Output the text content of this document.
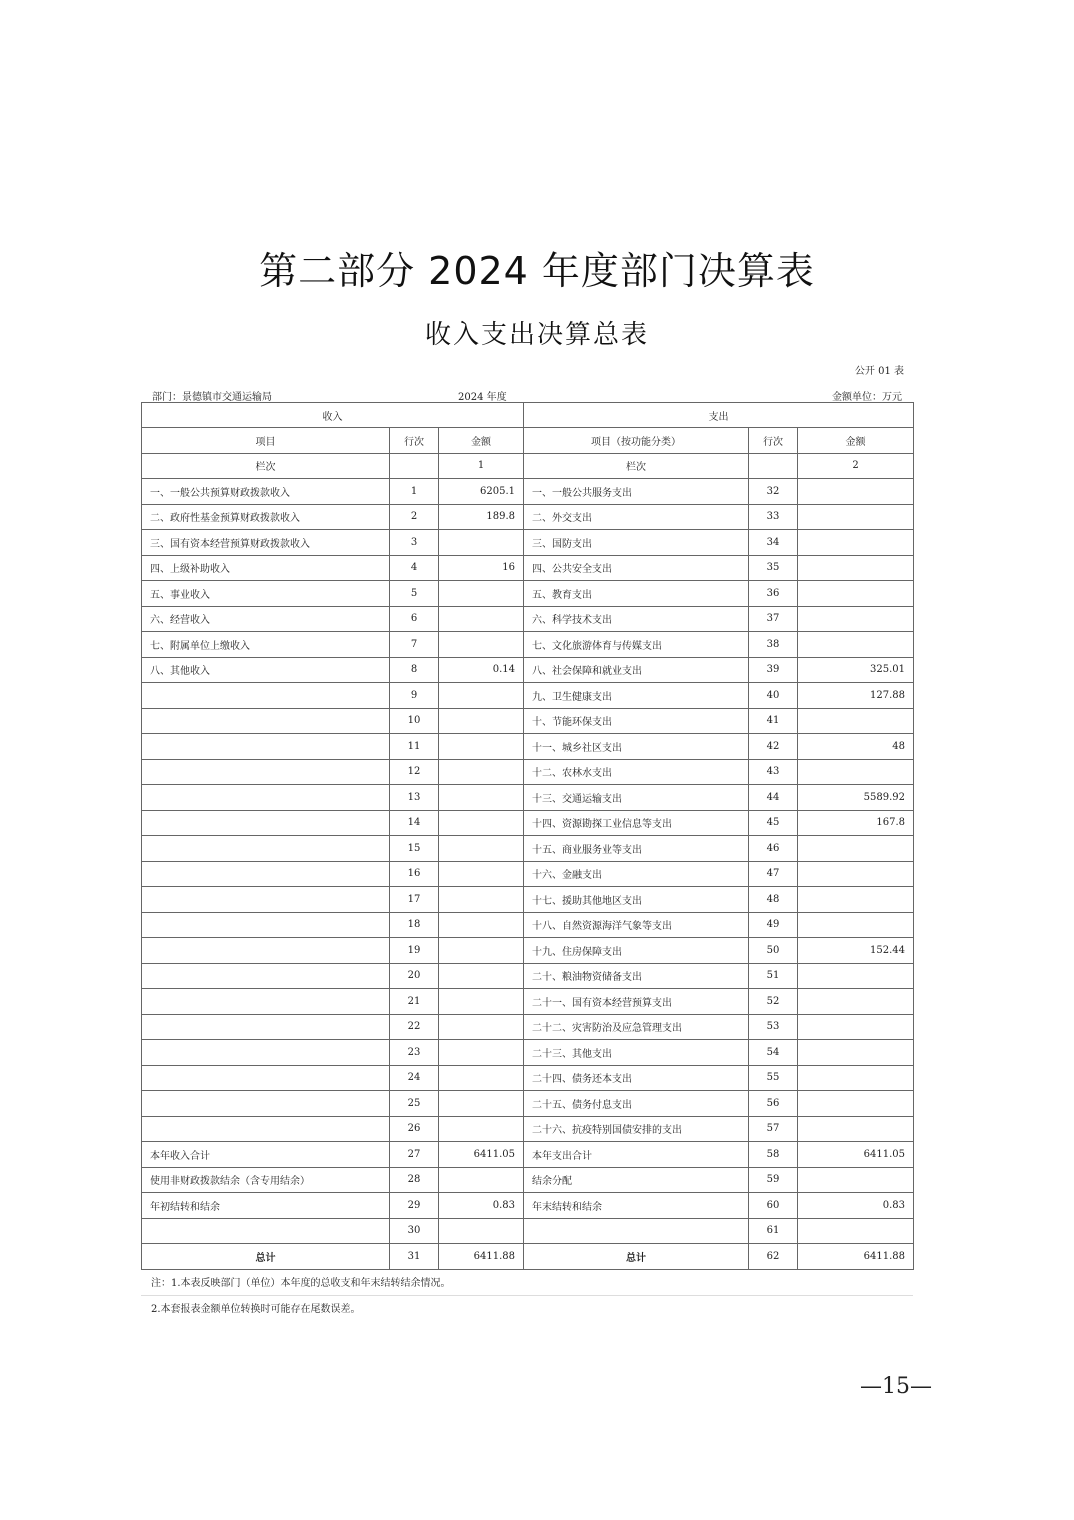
第二部分 2024 年度部门决算表
收入支出决算总表
公开 01 表
部门：景德镇市交通运输局	2024 年度	金额单位：万元
收入			支出		
项目	行次	金额	项目（按功能分类）	行次	金额
栏次		1	栏次		2
一、一般公共预算财政拨款收入	1	6205.1	一、一般公共服务支出	32	
二、政府性基金预算财政拨款收入	2	189.8	二、外交支出	33	
三、国有资本经营预算财政拨款收入	3		三、国防支出	34	
四、上级补助收入	4	16	四、公共安全支出	35	
五、事业收入	5		五、教育支出	36	
六、经营收入	6		六、科学技术支出	37	
七、附属单位上缴收入	7		七、文化旅游体育与传媒支出	38	
八、其他收入	8	0.14	八、社会保障和就业支出	39	325.01
	9		九、卫生健康支出	40	127.88
	10		十、节能环保支出	41	
	11		十一、城乡社区支出	42	48
	12		十二、农林水支出	43	
	13		十三、交通运输支出	44	5589.92
	14		十四、资源勘探工业信息等支出	45	167.8
	15		十五、商业服务业等支出	46	
	16		十六、金融支出	47	
	17		十七、援助其他地区支出	48	
	18		十八、自然资源海洋气象等支出	49	
	19		十九、住房保障支出	50	152.44
	20		二十、粮油物资储备支出	51	
	21		二十一、国有资本经营预算支出	52	
	22		二十二、灾害防治及应急管理支出	53	
	23		二十三、其他支出	54	
	24		二十四、债务还本支出	55	
	25		二十五、债务付息支出	56	
	26		二十六、抗疫特别国债安排的支出	57	
本年收入合计	27	6411.05	本年支出合计	58	6411.05
使用非财政拨款结余（含专用结余）	28		结余分配	59	
年初结转和结余	29	0.83	年末结转和结余	60	0.83
	30			61	
总计	31	6411.88	总计	62	6411.88
注：1.本表反映部门（单位）本年度的总收支和年末结转结余情况。
2.本套报表金额单位转换时可能存在尾数误差。
—15—
